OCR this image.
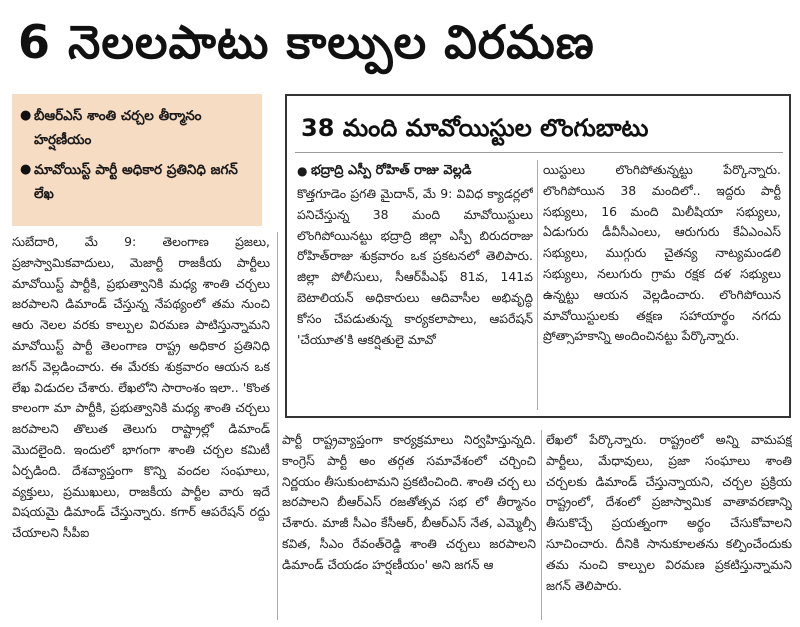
6 నెలలపాటు కాల్పుల విరమణ
● బీఆర్ఎస్ శాంతి చర్చల తీర్మానం హర్షణీయం
● మావోయిస్ట్ పార్టీ అధికార ప్రతినిధి జగన్ లేఖ
సుబేదారి, మే 9: తెలంగాణ ప్రజలు, ప్రజాస్వామికవాదులు, మెజార్టీ రాజకీయ పార్టీలు మావోయిస్ట్ పార్టీకి, ప్రభుత్వానికి మధ్య శాంతి చర్చలు జరపాలని డిమాండ్ చేస్తున్న నేపథ్యంలో తమ నుంచి ఆరు నెలల వరకు కాల్పుల విరమణ పాటిస్తున్నామని మావోయిస్ట్ పార్టీ తెలంగాణ రాష్ట్ర అధికార ప్రతినిధి జగన్ వెల్లడించారు. ఈ మేరకు శుక్రవారం ఆయన ఒక లేఖ విడుదల చేశారు. లేఖలోని సారాంశం ఇలా.. 'కొంత కాలంగా మా పార్టీకి, ప్రభుత్వానికి మధ్య శాంతి చర్చలు జరపాలని తొలుత తెలుగు రాష్ట్రాల్లో డిమాండ్ మొదలైంది. ఇందులో భాగంగా శాంతి చర్చల కమిటీ ఏర్పడింది. దేశవ్యాప్తంగా కొన్ని వందల సంఘాలు, వ్యక్తులు, ప్రముఖులు, రాజకీయ పార్టీల వారు ఇదే విషయమై డిమాండ్ చేస్తున్నారు. కగార్ ఆపరేషన్ రద్దు చేయాలని సీపీఐ
38 మంది మావోయిస్టుల లొంగుబాటు
● భద్రాద్రి ఎస్పీ రోహిత్ రాజు వెల్లడి
కొత్తగూడెం ప్రగతి మైదాన్, మే 9: వివిధ క్యాడర్లలో పనిచేస్తున్న 38 మంది మావోయిస్టులు లొంగిపోయినట్టు భద్రాద్రి జిల్లా ఎస్పీ బిరుదరాజు రోహిత్‌రాజు శుక్రవారం ఒక ప్రకటనలో తెలిపారు. జిల్లా పోలీసులు, సీఆర్‌పీఎఫ్ 81వ, 141వ బెటాలియన్ అధికారులు ఆదివాసీల అభివృద్ధి కోసం చేపడుతున్న కార్యకలాపాలు, ఆపరేషన్ 'చేయూత'కి ఆకర్షితులై మావో
యిస్టులు లొంగిపోతున్నట్టు పేర్కొన్నారు. లొంగిపోయిన 38 మందిలో.. ఇద్దరు పార్టీ సభ్యులు, 16 మంది మిలీషియా సభ్యులు, ఏడుగురు డీవీసీఎంలు, ఆరుగురు కేఏఎంఎస్ సభ్యులు, ముగ్గురు చైతన్య నాట్యమండలి సభ్యులు, నలుగురు గ్రామ రక్షక దళ సభ్యులు ఉన్నట్టు ఆయన వెల్లడించారు. లొంగిపోయిన మావోయిస్టులకు తక్షణ సహాయార్థం నగదు ప్రోత్సాహకాన్ని అందించినట్టు పేర్కొన్నారు.
పార్టీ రాష్ట్రవ్యాప్తంగా కార్యక్రమాలు నిర్వహిస్తున్నది. కాంగ్రెస్ పార్టీ అం తర్గత సమావేశంలో చర్చించి నిర్ణయం తీసుకుంటామని ప్రకటించింది. శాంతి చర్చ లు జరపాలని బీఆర్ఎస్ రజతోత్సవ సభ లో తీర్మానం చేశారు. మాజీ సీఎం కేసీఆర్, బీఆర్ఎస్ నేత, ఎమ్మెల్సీ కవిత, సీఎం రేవంత్‌రెడ్డి శాంతి చర్చలు జరపాలని డిమాండ్ చేయడం హర్షణీయం' అని జగన్ ఆ
లేఖలో పేర్కొన్నారు. రాష్ట్రంలో అన్ని వామపక్ష పార్టీలు, మేధావులు, ప్రజా సంఘాలు శాంతి చర్చలకు డిమాండ్ చేస్తున్నాయని, చర్చల ప్రక్రియ రాష్ట్రంలో, దేశంలో ప్రజాస్వామిక వాతావరణాన్ని తీసుకొచ్చే ప్రయత్నంగా అర్థం చేసుకోవాలని సూచించారు. దీనికి సానుకూలతను కల్పించేందుకు తమ నుంచి కాల్పుల విరమణ ప్రకటిస్తున్నామని జగన్ తెలిపారు.
